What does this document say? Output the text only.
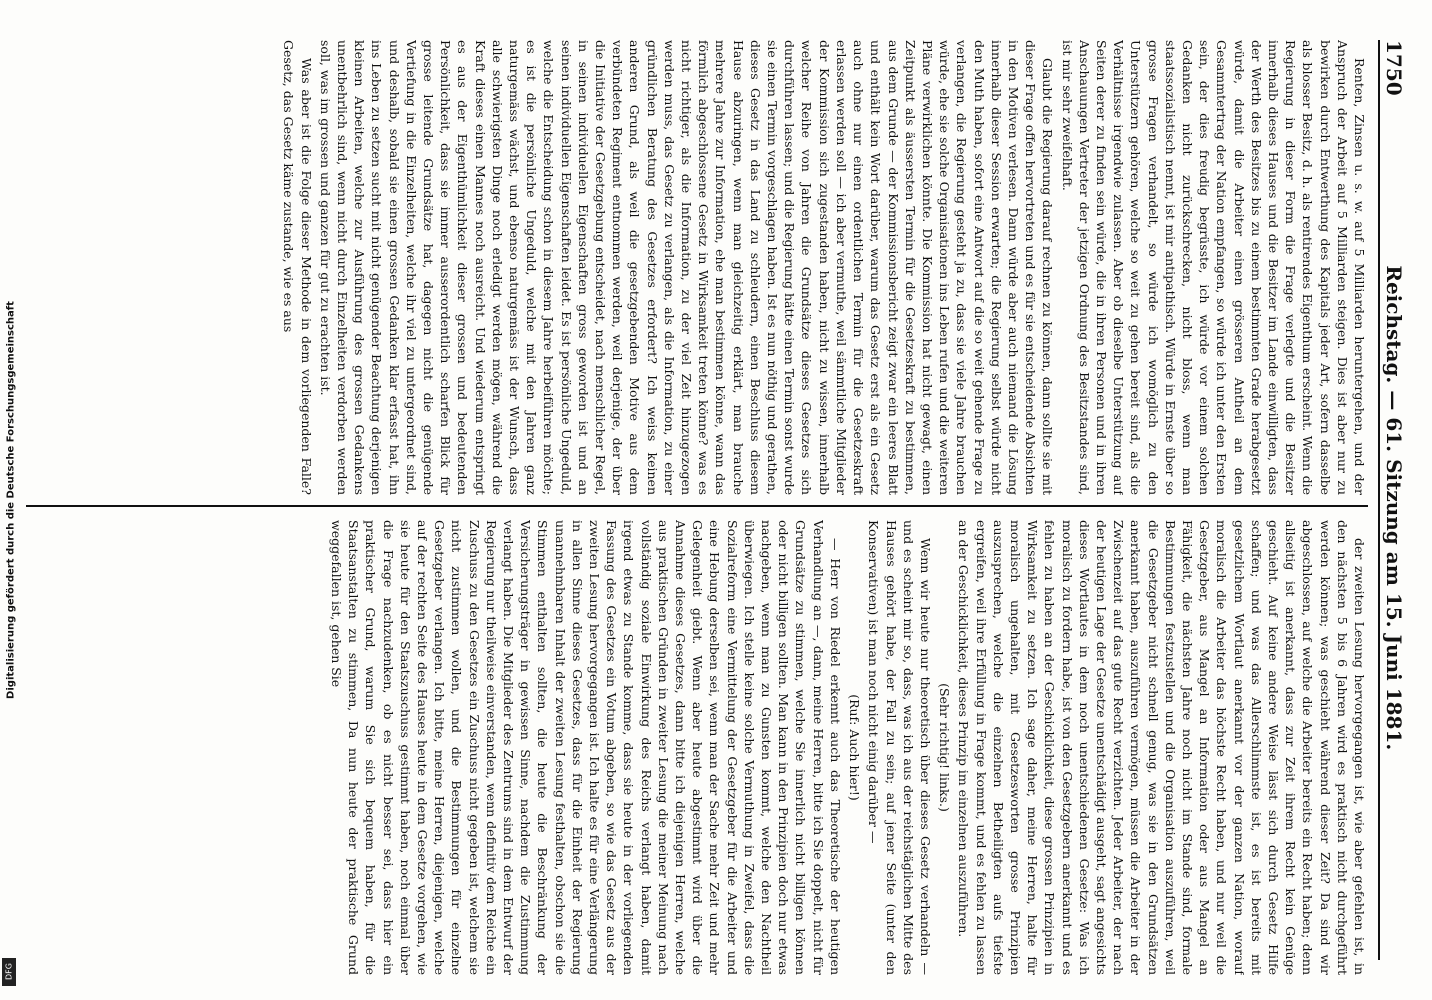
1750
Reichstag. — 61. Sitzung am 15. Juni 1881.

Renten, Zinsen u. s. w. auf 5 Milliarden heruntergehen, und der Anspruch der Arbeit auf 5 Milliarden steigen. Dies ist aber nur zu bewirken durch Entwerthung des Kapitals jeder Art, sofern dasselbe als blosser Besitz, d. h. als rentirendes Eigenthum erscheint. Wenn die Regierung in dieser Form die Frage verlegte und die Besitzer innerhalb dieses Hauses und die Besitzer im Lande einwilligten, dass der Werth des Besitzes bis zu einem bestimmten Grade herabgesetzt würde, damit die Arbeiter einen grösseren Antheil an dem Gesammtertrag der Nation empfangen, so würde ich unter den Ersten sein, der dies freudig begrüsste, ich würde vor einem solchen Gedanken nicht zurückschrecken, nicht bloss, wenn man staatssozialistisch nennt, ist mir antipathisch. Würde in Ernste über so grosse Fragen verhandelt, so würde ich womöglich zu den Unterstützern gehören, welche so weit zu gehen bereit sind, als die Verhältnisse irgendwie zulassen. Aber ob dieselbe Unterstützung auf Seiten derer zu finden sein würde, die in ihren Personen und in ihren Anschauungen Vertreter der jetzigen Ordnung des Besitzstandes sind, ist mir sehr zweifelhaft.

Glaubt die Regierung darauf rechnen zu können, dann sollte sie mit dieser Frage offen hervortreten und es für sie entscheidende Absichten in den Motiven verlesen. Dann würde aber auch niemand die Lösung innerhalb dieser Session erwarten; die Regierung selbst würde nicht den Muth haben, sofort eine Antwort auf die so weit gehende Frage zu verlangen, die Regierung gesteht ja zu, dass sie viele Jahre brauchen würde, ehe sie solche Organisationen ins Leben rufen und die weiteren Pläne verwirklichen könnte. Die Kommission hat nicht gewagt, einen Zeitpunkt als äussersten Termin für die Gesetzeskraft zu bestimmen, aus dem Grunde — der Kommissionsbericht zeigt zwar ein leeres Blatt und enthält kein Wort darüber, warum das Gesetz erst als ein Gesetz auch ohne nur einen ordentlichen Termin für die Gesetzeskraft erlassen werden soll — ich aber vermuthe, weil sämmtliche Mitglieder der Kommission sich zugestanden haben, nicht zu wissen, innerhalb welcher Reihe von Jahren die Grundsätze dieses Gesetzes sich durchführen lassen; und die Regierung hätte einen Termin sonst wurde sie einen Termin vorgeschlagen haben. Ist es nun nöthig und gerathen, dieses Gesetz in das Land zu schleudern, einen Beschluss diesem Hause abzuringen, wenn man gleichzeitig erklärt, man brauche mehrere Jahre zur Information, ehe man bestimmen könne, wann das förmlich abgeschlossene Gesetz in Wirksamkeit treten könne? was es nicht richtiger, als die Information, zu der viel Zeit hinzugezogen werden muss, das Gesetz zu verlangen, als die Information, zu einer gründlichen Beratung des Gesetzes erfordert? Ich weiss keinen anderen Grund, als weil die gesetzgebenden Motive aus dem verbündeten Regiment entnommen werden, weil derjenige, der über die Initiative der Gesetzgebung entscheidet, nach menschlicher Regel, in seinen individuellen Eigenschaften gross geworden ist und an seinen individuellen Eigenschaften leidet. Es ist persönliche Ungeduld, welche die Entscheidung schon in diesem Jahre herbeiführen möchte; es ist die persönliche Ungeduld, welche mit den Jahren ganz naturgemäss wächst, und ebenso naturgemäss ist der Wunsch, dass alle schwierigsten Dinge noch erledigt werden mögen, während die Kraft dieses einen Mannes noch ausreicht. Und wiederum entspringt es aus der Eigenthümlichkeit dieser grossen und bedeutenden Persönlichkeit, dass sie immer ausserordentlich scharfen Blick für grosse leitende Grundsätze hat, dagegen nicht die genügende Vertiefung in die Einzelheiten, welche ihr viel zu untergeordnet sind, und deshalb, sobald sie einen grossen Gedanken klar erfasst hat, ihn ins Leben zu setzen sucht mit nicht genügender Beachtung derjenigen kleinen Arbeiten, welche zur Ausführung des grossen Gedankens unentbehrlich sind, wenn nicht durch Einzelheiten verdorben werden soll, was im grossen und ganzen für gut zu erachten ist.

Was aber ist die Folge dieser Methode in dem vorliegenden Falle? Gesetz, das Gesetz käme zustande, wie es aus

der zweiten Lesung hervorgegangen ist, wie aber gefehlen ist, in den nächsten 5 bis 6 Jahren wird es praktisch nicht durchgeführt werden können; was geschieht während dieser Zeit? Da sind wir abgeschlossen, auf welche die Arbeiter bereits ein Recht haben; denn allseitig ist anerkannt, dass zur Zeit ihrem Recht kein Genüge geschieht. Auf keine andere Weise lässt sich durch Gesetz Hilfe schaffen; und was das Allerschlimmste ist, es ist bereits mit gesetzlichem Wortlaut anerkannt vor der ganzen Nation, worauf moralisch die Arbeiter das höchste Recht haben, und nur weil die Gesetzgeber, aus Mangel an Information oder aus Mangel an Fähigkeit, die nächsten Jahre noch nicht im Stande sind, formale Bestimmungen festzustellen und die Organisation auszuführen, weil die Gesetzgeber nicht schnell genug, was sie in den Grundsätzen anerkannt haben, auszuführen vermögen, müssen die Arbeiter in der Zwischenzeit auf das gute Recht verzichten. Jeder Arbeiter, der nach der heutigen Lage der Gesetze unentschädigt ausgeht, sagt angesichts dieses Wortlautes in dem noch unentschiedenen Gesetze: Was ich moralisch zu fordern habe, ist von den Gesetzgebern anerkannt und es fehlen zu haben an der Geschicklichkeit, diese grossen Prinzipien in Wirksamkeit zu setzen. Ich sage daher, meine Herren, halte für moralisch ungehalten, mit Gesetzesworten grosse Prinzipien auszusprechen, welche die einzelnen Betheiligten aufs tiefste ergreifen, weil ihre Erfüllung in Frage kommt, und es fehlen zu lassen an der Geschicklichkeit, dieses Prinzip im einzelnen auszuführen.

(Sehr richtig! links.)

Wenn wir heute nur theoretisch über dieses Gesetz verhandeln — und es scheint mir so, dass, was ich aus der reichstäglichen Mitte des Hauses gehört habe, der Fall zu sein; auf jener Seite (unter den Konservativen) ist man noch nicht einig darüber —

(Ruf: Auch hier!)

— Herr von Riedel erkennt auch das Theoretische der heutigen Verhandlung an —, dann, meine Herren, bitte ich Sie doppelt, nicht für Grundsätze zu stimmen, welche Sie innerlich nicht billigen können oder nicht billigen sollten. Man kann in den Prinzipien doch nur etwas nachgeben, wenn man zu Gunsten kommt, welche den Nachtheil überwiegen. Ich stelle keine solche Vermuthung in Zweifel, dass die Sozialreform eine Vermittelung der Gesetzgeber für die Arbeiter und eine Hebung derselben sei, wenn man der Sache mehr Zeit und mehr Gelegenheit giebt. Wenn aber heute abgestimmt wird über die Annahme dieses Gesetzes, dann bitte ich diejenigen Herren, welche aus praktischen Gründen in zweiter Lesung die meiner Meinung nach vollständig soziale Einwirkung des Reichs verlangt haben, damit irgend etwas zu Stande komme, dass sie heute in der vorliegenden Fassung des Gesetzes ein Votum abgeben, so wie das Gesetz aus der zweiten Lesung hervorgegangen ist. Ich halte es für eine Verlängerung in allen Sinne dieses Gesetzes, dass für die Einheit der Regierung unannehmbaren Inhalt der zweiten Lesung festhalten, obschon sie die Stimmen enthalten sollten, die heute die Beschränkung der Versicherungsträger in gewissen Sinne, nachdem die Zustimmung verlangt haben. Die Mitglieder des Zentrums sind in dem Entwurf der Regierung nur theilweise einverstanden, wenn definitiv dem Reiche ein Zuschuss zu den Gesetzes ein Zuschuss nicht gegeben ist, welchem sie nicht zustimmen wollen, und die Bestimmungen für einzelne Gesetzgeber verlangen. Ich bitte, meine Herren, diejenigen, welche auf der rechten Seite des Hauses heute in dem Gesetze vorgehen, wie sie heute für den Staatszuschuss gestimmt haben, noch einmal über die Frage nachzudenken, ob es nicht besser sei, dass hier ein praktischer Grund, warum Sie sich bequem haben, für die Staatsanstalten zu stimmen, Da nun heute der praktische Grund weggefallen ist, gehen Sie

Digitalisierung gefördert durch die Deutsche Forschungsgemeinschaft
DFG
